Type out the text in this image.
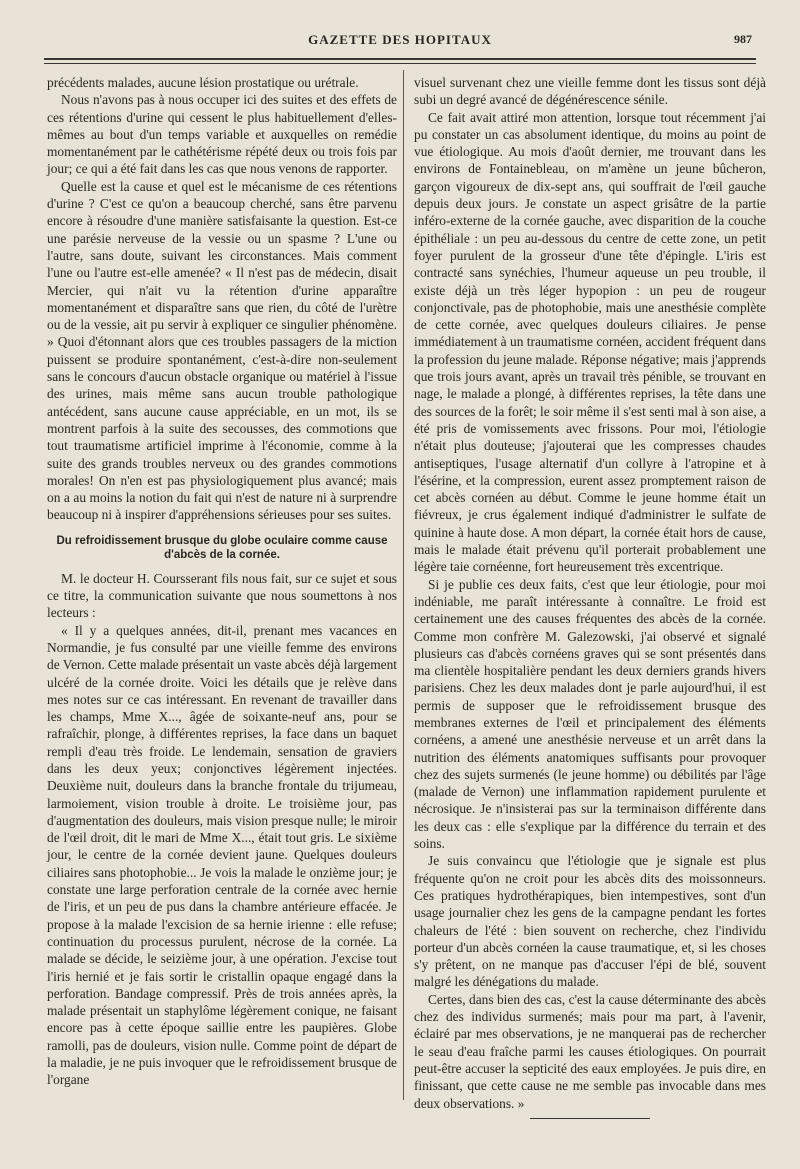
GAZETTE DES HOPITAUX	987

précédents malades, aucune lésion prostatique ou urétrale.

Nous n'avons pas à nous occuper ici des suites et des effets de ces rétentions d'urine qui cessent le plus habituellement d'elles-mêmes au bout d'un temps variable et auxquelles on remédie momentanément par le cathétérisme répété deux ou trois fois par jour; ce qui a été fait dans les cas que nous venons de rapporter.

Quelle est la cause et quel est le mécanisme de ces rétentions d'urine ? C'est ce qu'on a beaucoup cherché, sans être parvenu encore à résoudre d'une manière satisfaisante la question. Est-ce une parésie nerveuse de la vessie ou un spasme ? L'une ou l'autre, sans doute, suivant les circonstances. Mais comment l'une ou l'autre est-elle amenée? « Il n'est pas de médecin, disait Mercier, qui n'ait vu la rétention d'urine apparaître momentanément et disparaître sans que rien, du côté de l'urètre ou de la vessie, ait pu servir à expliquer ce singulier phénomène. » Quoi d'étonnant alors que ces troubles passagers de la miction puissent se produire spontanément, c'est-à-dire non-seulement sans le concours d'aucun obstacle organique ou matériel à l'issue des urines, mais même sans aucun trouble pathologique antécédent, sans aucune cause appréciable, en un mot, ils se montrent parfois à la suite des secousses, des commotions que tout traumatisme artificiel imprime à l'économie, comme à la suite des grands troubles nerveux ou des grandes commotions morales! On n'en est pas physiologiquement plus avancé; mais on a au moins la notion du fait qui n'est de nature ni à surprendre beaucoup ni à inspirer d'appréhensions sérieuses pour ses suites.

Du refroidissement brusque du globe oculaire comme cause d'abcès de la cornée.

M. le docteur H. Coursserant fils nous fait, sur ce sujet et sous ce titre, la communication suivante que nous soumettons à nos lecteurs :

« Il y a quelques années, dit-il, prenant mes vacances en Normandie, je fus consulté par une vieille femme des environs de Vernon. Cette malade présentait un vaste abcès déjà largement ulcéré de la cornée droite. Voici les détails que je relève dans mes notes sur ce cas intéressant. En revenant de travailler dans les champs, Mme X..., âgée de soixante-neuf ans, pour se rafraîchir, plonge, à différentes reprises, la face dans un baquet rempli d'eau très froide. Le lendemain, sensation de graviers dans les deux yeux; conjonctives légèrement injectées. Deuxième nuit, douleurs dans la branche frontale du trijumeau, larmoiement, vision trouble à droite. Le troisième jour, pas d'augmentation des douleurs, mais vision presque nulle; le miroir de l'œil droit, dit le mari de Mme X..., était tout gris. Le sixième jour, le centre de la cornée devient jaune. Quelques douleurs ciliaires sans photophobie... Je vois la malade le onzième jour; je constate une large perforation centrale de la cornée avec hernie de l'iris, et un peu de pus dans la chambre antérieure effacée. Je propose à la malade l'excision de sa hernie irienne : elle refuse; continuation du processus purulent, nécrose de la cornée. La malade se décide, le seizième jour, à une opération. J'excise tout l'iris hernié et je fais sortir le cristallin opaque engagé dans la perforation. Bandage compressif. Près de trois années après, la malade présentait un staphylôme légèrement conique, ne faisant encore pas à cette époque saillie entre les paupières. Globe ramolli, pas de douleurs, vision nulle. Comme point de départ de la maladie, je ne puis invoquer que le refroidissement brusque de l'organe

visuel survenant chez une vieille femme dont les tissus sont déjà subi un degré avancé de dégénérescence sénile.

Ce fait avait attiré mon attention, lorsque tout récemment j'ai pu constater un cas absolument identique, du moins au point de vue étiologique. Au mois d'août dernier, me trouvant dans les environs de Fontainebleau, on m'amène un jeune bûcheron, garçon vigoureux de dix-sept ans, qui souffrait de l'œil gauche depuis deux jours. Je constate un aspect grisâtre de la partie inféro-externe de la cornée gauche, avec disparition de la couche épithéliale : un peu au-dessous du centre de cette zone, un petit foyer purulent de la grosseur d'une tête d'épingle. L'iris est contracté sans synéchies, l'humeur aqueuse un peu trouble, il existe déjà un très léger hypopion : un peu de rougeur conjonctivale, pas de photophobie, mais une anesthésie complète de cette cornée, avec quelques douleurs ciliaires. Je pense immédiatement à un traumatisme cornéen, accident fréquent dans la profession du jeune malade. Réponse négative; mais j'apprends que trois jours avant, après un travail très pénible, se trouvant en nage, le malade a plongé, à différentes reprises, la tête dans une des sources de la forêt; le soir même il s'est senti mal à son aise, a été pris de vomissements avec frissons. Pour moi, l'étiologie n'était plus douteuse; j'ajouterai que les compresses chaudes antiseptiques, l'usage alternatif d'un collyre à l'atropine et à l'ésérine, et la compression, eurent assez promptement raison de cet abcès cornéen au début. Comme le jeune homme était un fiévreux, je crus également indiqué d'administrer le sulfate de quinine à haute dose. A mon départ, la cornée était hors de cause, mais le malade était prévenu qu'il porterait probablement une légère taie cornéenne, fort heureusement très excentrique.

Si je publie ces deux faits, c'est que leur étiologie, pour moi indéniable, me paraît intéressante à connaître. Le froid est certainement une des causes fréquentes des abcès de la cornée. Comme mon confrère M. Galezowski, j'ai observé et signalé plusieurs cas d'abcès cornéens graves qui se sont présentés dans ma clientèle hospitalière pendant les deux derniers grands hivers parisiens. Chez les deux malades dont je parle aujourd'hui, il est permis de supposer que le refroidissement brusque des membranes externes de l'œil et principalement des éléments cornéens, a amené une anesthésie nerveuse et un arrêt dans la nutrition des éléments anatomiques suffisants pour provoquer chez des sujets surmenés (le jeune homme) ou débilités par l'âge (malade de Vernon) une inflammation rapidement purulente et nécrosique. Je n'insisterai pas sur la terminaison différente dans les deux cas : elle s'explique par la différence du terrain et des soins.

Je suis convaincu que l'étiologie que je signale est plus fréquente qu'on ne croit pour les abcès dits des moissonneurs. Ces pratiques hydrothérapiques, bien intempestives, sont d'un usage journalier chez les gens de la campagne pendant les fortes chaleurs de l'été : bien souvent on recherche, chez l'individu porteur d'un abcès cornéen la cause traumatique, et, si les choses s'y prêtent, on ne manque pas d'accuser l'épi de blé, souvent malgré les dénégations du malade.

Certes, dans bien des cas, c'est la cause déterminante des abcès chez des individus surmenés; mais pour ma part, à l'avenir, éclairé par mes observations, je ne manquerai pas de rechercher le seau d'eau fraîche parmi les causes étiologiques. On pourrait peut-être accuser la septicité des eaux employées. Je puis dire, en finissant, que cette cause ne me semble pas invocable dans mes deux observations. »
